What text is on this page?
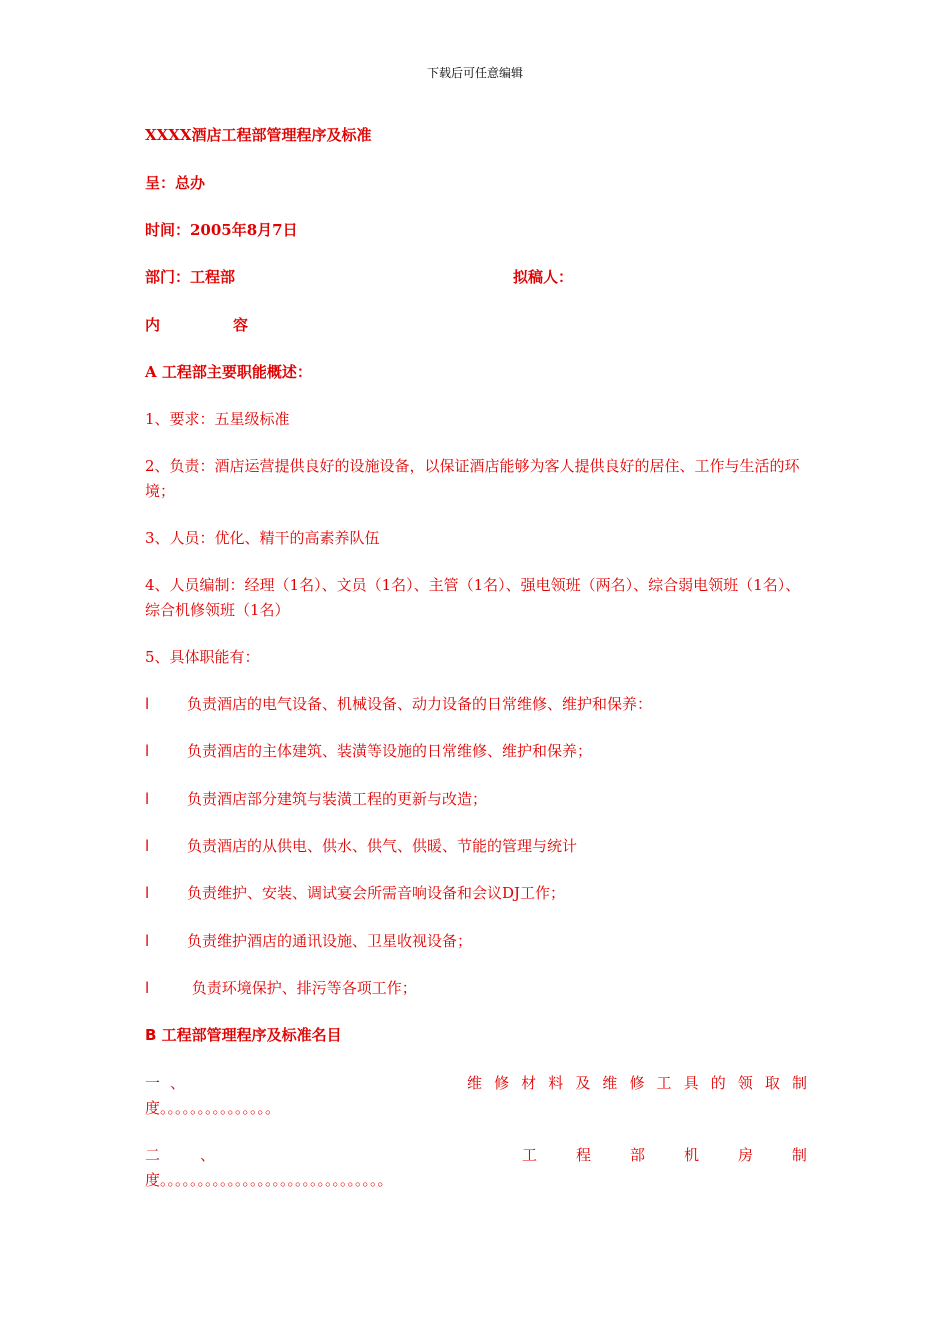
下载后可任意编辑
XXXX酒店工程部管理程序及标准
呈：总办
时间：2005年8月7日
部门：工程部	拟稿人：
内	容
A 工程部主要职能概述：
1、要求：五星级标准
2、负责：酒店运营提供良好的设施设备，以保证酒店能够为客人提供良好的居住、工作与生活的环境；
3、人员：优化、精干的高素养队伍
4、人员编制：经理（1名）、文员（1名）、主管（1名）、强电领班（两名）、综合弱电领班（1名）、综合机修领班（1名）
5、具体职能有：
l	负责酒店的电气设备、机械设备、动力设备的日常维修、维护和保养：
l	负责酒店的主体建筑、装潢等设施的日常维修、维护和保养；
l	负责酒店部分建筑与装潢工程的更新与改造；
l	负责酒店的从供电、供水、供气、供暖、节能的管理与统计
l	负责维护、安装、调试宴会所需音响设备和会议DJ工作；
l	负责维护酒店的通讯设施、卫星收视设备；
l	负责环境保护、排污等各项工作；
B 工程部管理程序及标准名目
一 、	维 修 材 料 及 维 修 工 具 的 领 取 制
度。。。。。。。。。。。。。。。
二	、	工	程	部	机	房	制
度。。。。。。。。。。。。。。。。。。。。。。。。。。。。。。
